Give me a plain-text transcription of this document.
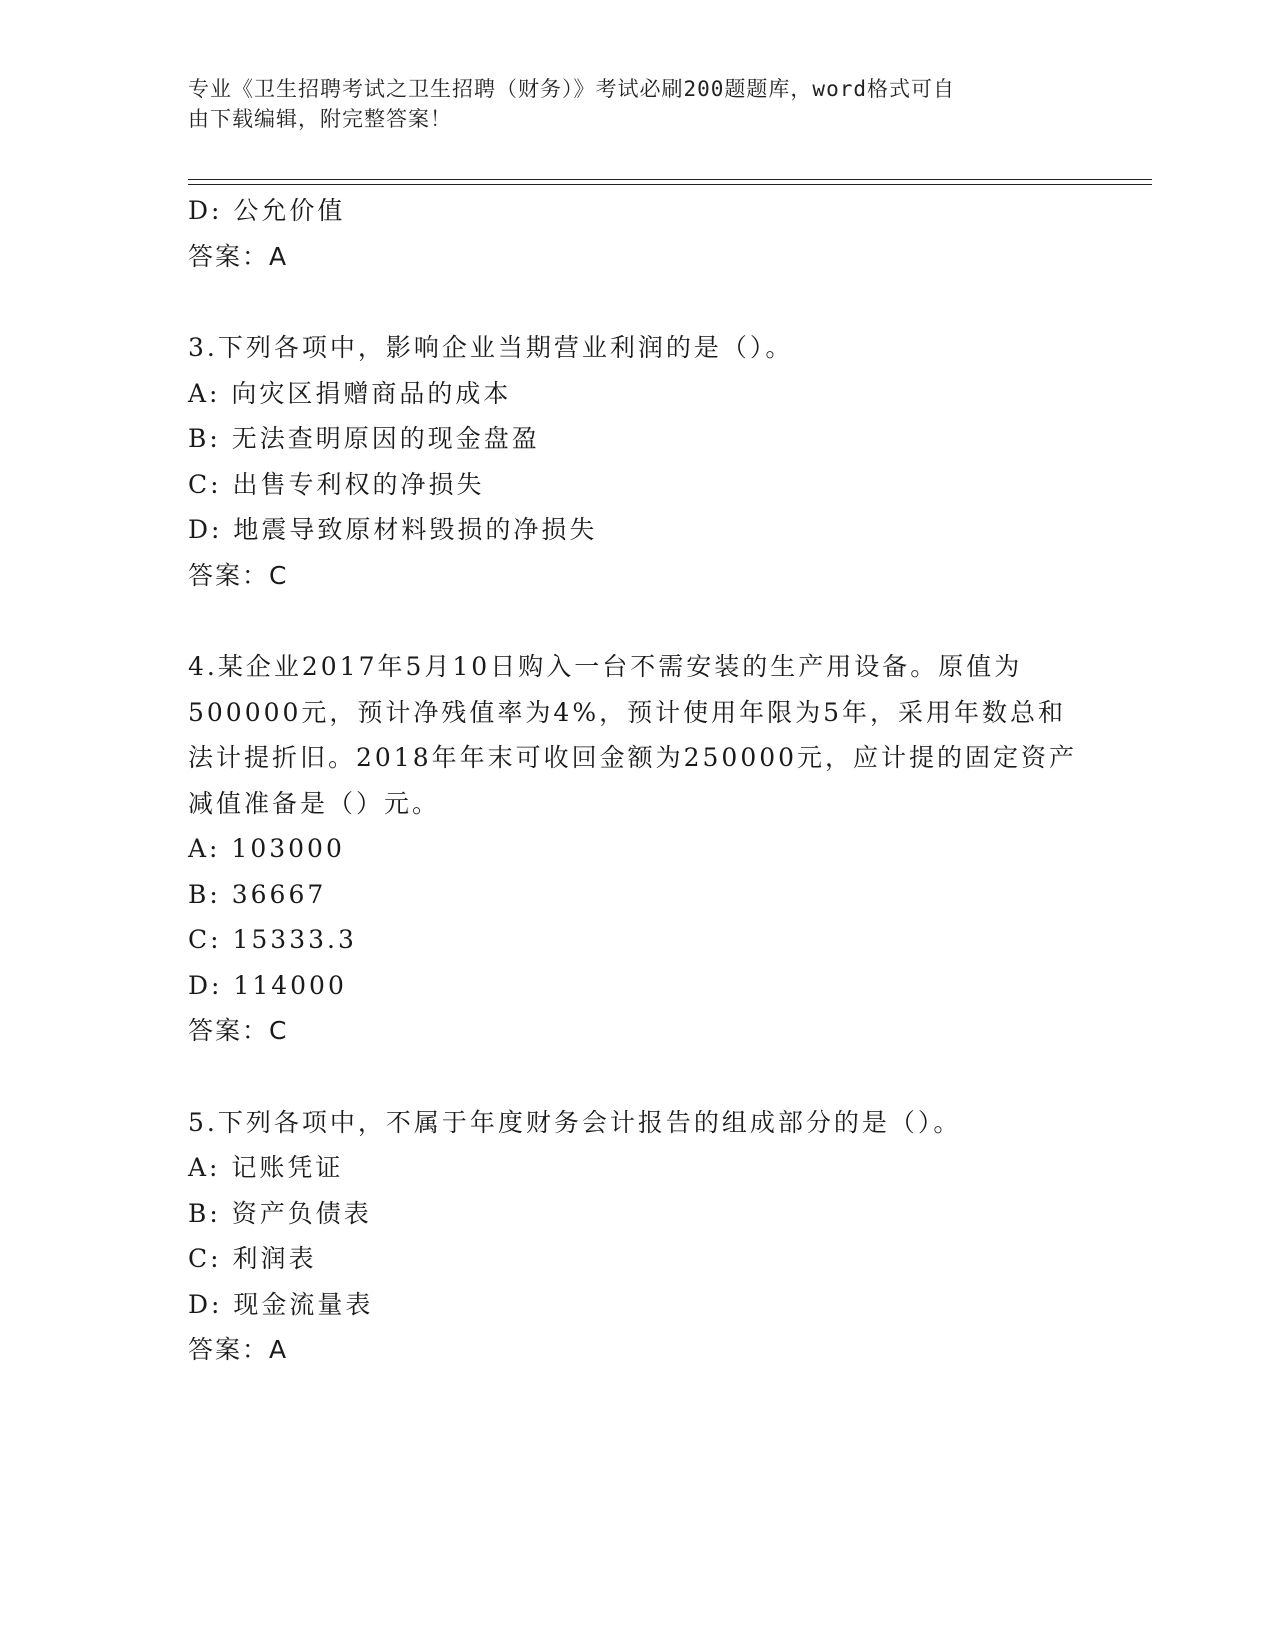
专业《卫生招聘考试之卫生招聘（财务）》考试必刷200题题库，word格式可自
由下载编辑，附完整答案！
D: 公允价值
答案：A
3.下列各项中，影响企业当期营业利润的是（）。
A: 向灾区捐赠商品的成本
B: 无法查明原因的现金盘盈
C: 出售专利权的净损失
D: 地震导致原材料毁损的净损失
答案：C
4.某企业2017年5月10日购入一台不需安装的生产用设备。原值为
500000元，预计净残值率为4%，预计使用年限为5年，采用年数总和
法计提折旧。2018年年末可收回金额为250000元，应计提的固定资产
减值准备是（）元。
A: 103000
B: 36667
C: 15333.3
D: 114000
答案：C
5.下列各项中，不属于年度财务会计报告的组成部分的是（）。
A: 记账凭证
B: 资产负债表
C: 利润表
D: 现金流量表
答案：A
